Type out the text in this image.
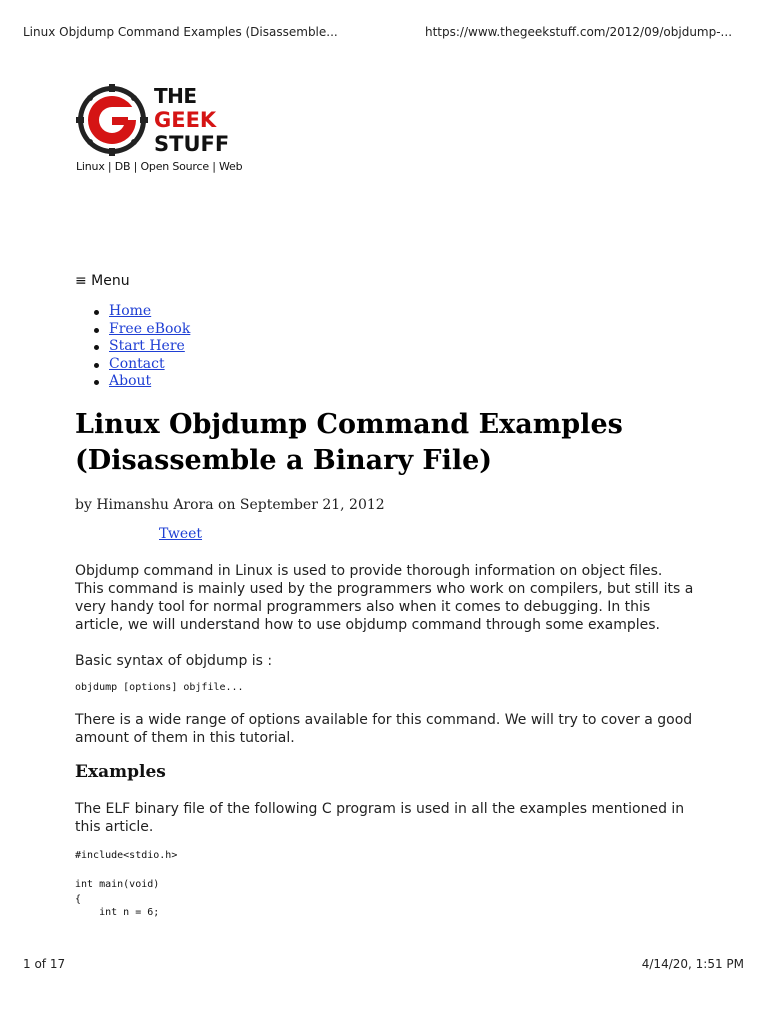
Linux Objdump Command Examples (Disassemble...	https://www.thegeekstuff.com/2012/09/objdump-...
THE
GEEK
STUFF
Linux | DB | Open Source | Web
≡ Menu
Home
Free eBook
Start Here
Contact
About
Linux Objdump Command Examples (Disassemble a Binary File)
by Himanshu Arora on September 21, 2012
Tweet

Objdump command in Linux is used to provide thorough information on object files. This command is mainly used by the programmers who work on compilers, but still its a very handy tool for normal programmers also when it comes to debugging. In this article, we will understand how to use objdump command through some examples.

Basic syntax of objdump is :

objdump [options] objfile...

There is a wide range of options available for this command. We will try to cover a good amount of them in this tutorial.

Examples

The ELF binary file of the following C program is used in all the examples mentioned in this article.

#include<stdio.h>
int main(void)
{
int n = 6;
1 of 17	4/14/20, 1:51 PM
